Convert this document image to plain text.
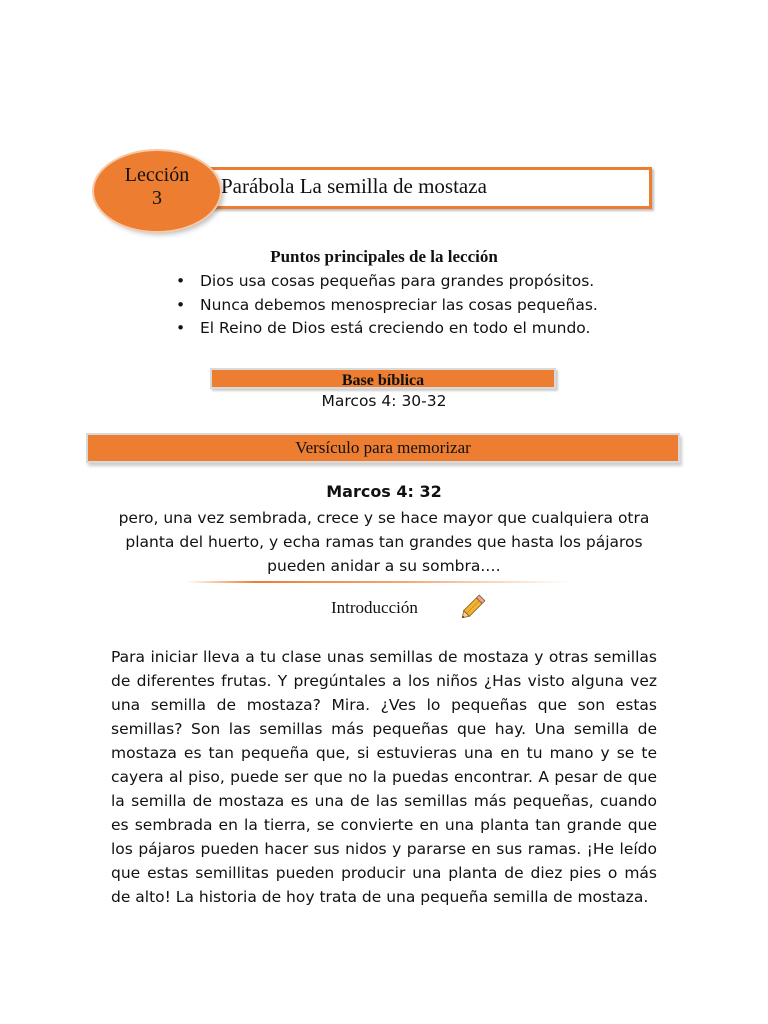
Parábola La semilla de mostaza
Lección
3
Puntos principales de la lección
• Dios usa cosas pequeñas para grandes propósitos.
• Nunca debemos menospreciar las cosas pequeñas.
• El Reino de Dios está creciendo en todo el mundo.
Base bíblica
Marcos 4: 30-32
Versículo para memorizar
Marcos 4: 32
pero, una vez sembrada, crece y se hace mayor que cualquiera otra planta del huerto, y echa ramas tan grandes que hasta los pájaros pueden anidar a su sombra.…
Introducción

Para iniciar lleva a tu clase unas semillas de mostaza y otras semillas de diferentes frutas. Y pregúntales a los niños ¿Has visto alguna vez una semilla de mostaza? Mira. ¿Ves lo pequeñas que son estas semillas? Son las semillas más pequeñas que hay. Una semilla de mostaza es tan pequeña que, si estuvieras una en tu mano y se te cayera al piso, puede ser que no la puedas encontrar. A pesar de que la semilla de mostaza es una de las semillas más pequeñas, cuando es sembrada en la tierra, se convierte en una planta tan grande que los pájaros pueden hacer sus nidos y pararse en sus ramas. ¡He leído que estas semillitas pueden producir una planta de diez pies o más de alto! La historia de hoy trata de una pequeña semilla de mostaza.
